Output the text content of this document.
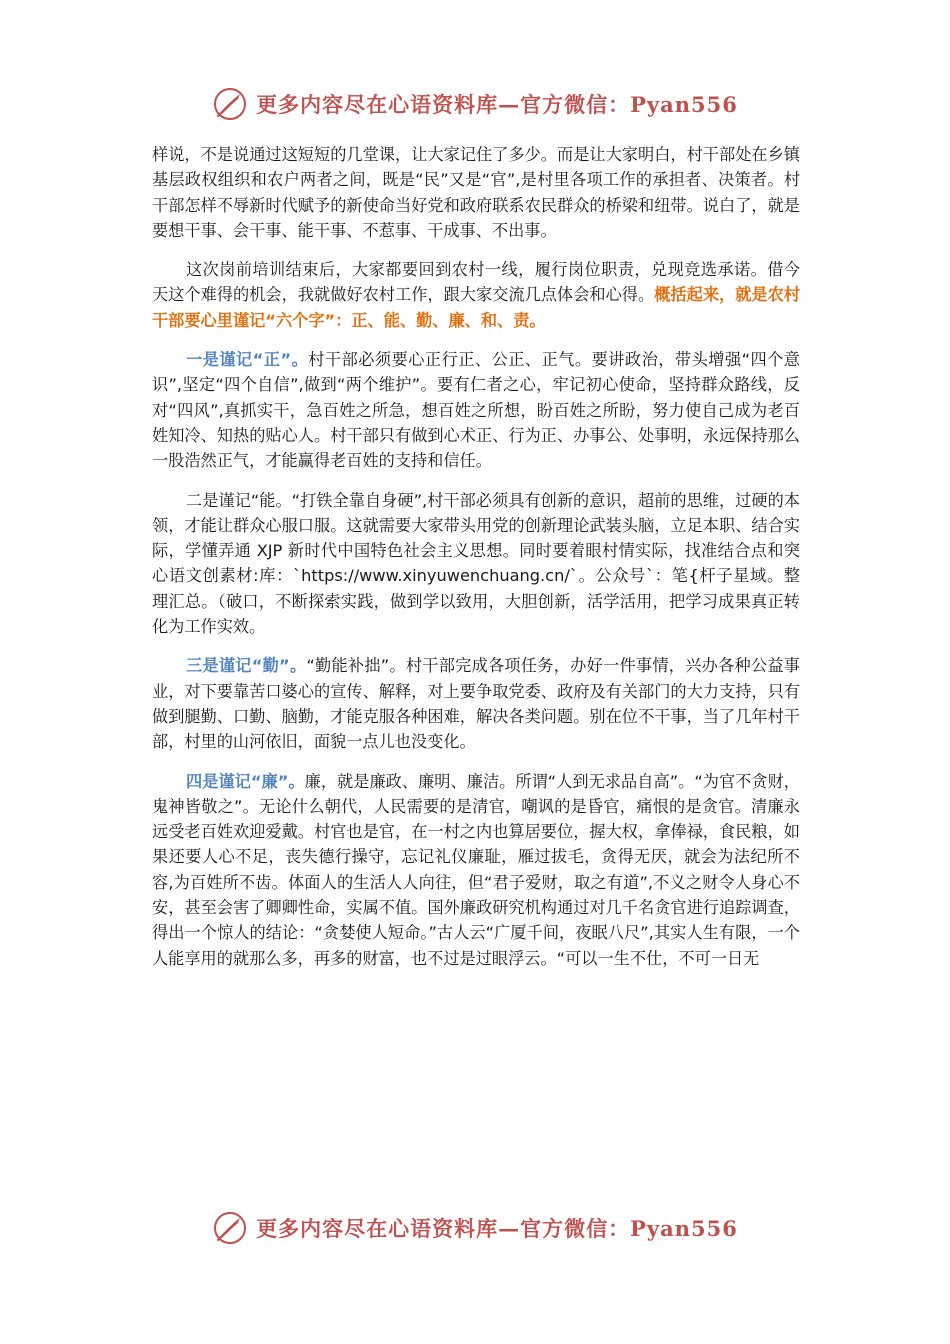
更多内容尽在心语资料库—官方微信：Pyan556

样说，不是说通过这短短的几堂课，让大家记住了多少。而是让大家明白，村干部处在乡镇基层政权组织和农户两者之间，既是“民”又是“官”,是村里各项工作的承担者、决策者。村干部怎样不辱新时代赋予的新使命当好党和政府联系农民群众的桥梁和纽带。说白了，就是要想干事、会干事、能干事、不惹事、干成事、不出事。

这次岗前培训结束后，大家都要回到农村一线，履行岗位职责，兑现竞选承诺。借今天这个难得的机会，我就做好农村工作，跟大家交流几点体会和心得。概括起来，就是农村干部要心里谨记“六个字”：正、能、勤、廉、和、责。

一是谨记“正”。村干部必须要心正行正、公正、正气。要讲政治，带头增强“四个意识”,坚定“四个自信”,做到“两个维护”。要有仁者之心，牢记初心使命，坚持群众路线，反对“四风”,真抓实干，急百姓之所急，想百姓之所想，盼百姓之所盼，努力使自己成为老百姓知冷、知热的贴心人。村干部只有做到心术正、行为正、办事公、处事明，永远保持那么一股浩然正气，才能赢得老百姓的支持和信任。

二是谨记“能。“打铁全靠自身硬”,村干部必须具有创新的意识，超前的思维，过硬的本领，才能让群众心服口服。这就需要大家带头用党的创新理论武装头脑，立足本职、结合实际，学懂弄通 XJP 新时代中国特色社会主义思想。同时要着眼村情实际，找准结合点和突心语文创素材:库：`https://www.xinyuwenchuang.cn/`。公众号`：笔{杆子星域。整理汇总。（破口，不断探索实践，做到学以致用，大胆创新，活学活用，把学习成果真正转化为工作实效。

三是谨记“勤”。“勤能补拙”。村干部完成各项任务，办好一件事情，兴办各种公益事业，对下要靠苦口婆心的宣传、解释，对上要争取党委、政府及有关部门的大力支持，只有做到腿勤、口勤、脑勤，才能克服各种困难，解决各类问题。别在位不干事，当了几年村干部，村里的山河依旧，面貌一点儿也没变化。

四是谨记“廉”。廉，就是廉政、廉明、廉洁。所谓“人到无求品自高”。“为官不贪财，鬼神皆敬之”。无论什么朝代，人民需要的是清官，嘲讽的是昏官，痛恨的是贪官。清廉永远受老百姓欢迎爱戴。村官也是官，在一村之内也算居要位，握大权，拿俸禄，食民粮，如果还要人心不足，丧失德行操守，忘记礼仪廉耻，雁过拔毛，贪得无厌，就会为法纪所不容,为百姓所不齿。体面人的生活人人向往，但“君子爱财，取之有道”,不义之财令人身心不安，甚至会害了卿卿性命，实属不值。国外廉政研究机构通过对几千名贪官进行追踪调查，得出一个惊人的结论：“贪婪使人短命。”古人云“广厦千间，夜眠八尺”,其实人生有限，一个人能享用的就那么多，再多的财富，也不过是过眼浮云。“可以一生不仕，不可一日无

更多内容尽在心语资料库—官方微信：Pyan556
